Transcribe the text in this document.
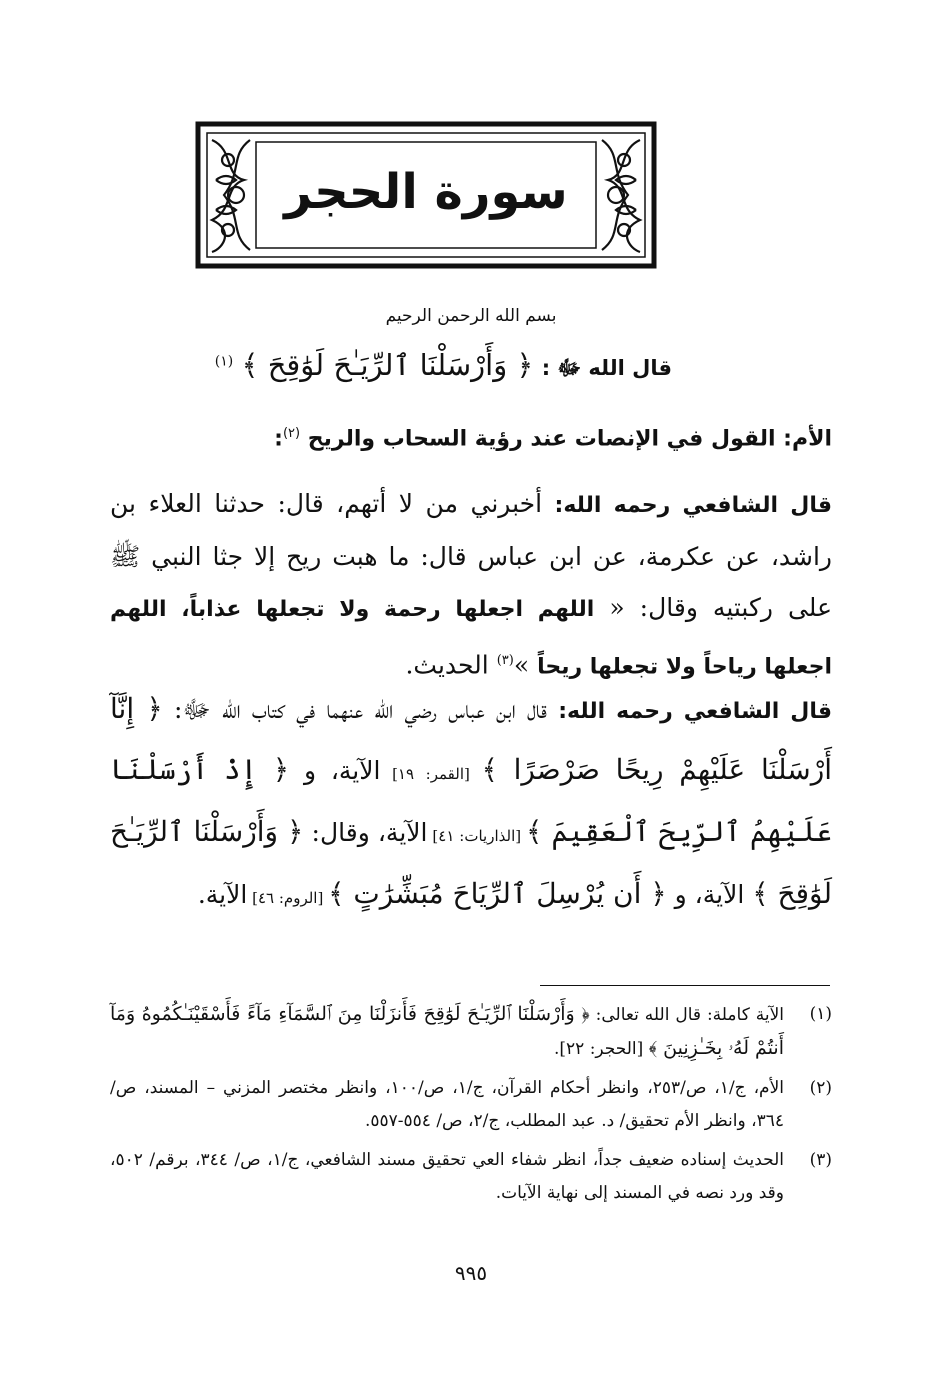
سورة الحجر
بسم الله الرحمن الرحيم
قال الله ﷻ : ﴿ وَأَرْسَلْنَا ٱلرِّيَـٰحَ لَوَٰقِحَ ﴾ $^{(١)}$
الأم: القول في الإنصات عند رؤية السحاب والريح $^{(٢)}$:
قال الشافعي رحمه الله: أخبرني من لا أتهم، قال: حدثنا العلاء بن راشد، عن عكرمة، عن ابن عباس قال: ما هبت ريح إلا جثا النبي ﷺ على ركبتيه وقال: « اللهم اجعلها رحمة ولا تجعلها عذاباً، اللهم اجعلها رياحاً ولا تجعلها ريحاً »$^{(٣)}$ الحديث.
قال الشافعي رحمه الله: قال ابن عباس رضي الله عنهما في كتاب الله ﷻ: ﴿ إِنَّآ أَرْسَلْنَا عَلَيْهِمْ رِيحًا صَرْصَرًا ﴾ [القمر: ١٩] الآية، و ﴿ إِذْ أَرْسَلْنَا عَلَيْهِمُ ٱلرِّيحَ ٱلْعَقِيمَ ﴾ [الذاريات: ٤١] الآية، وقال: ﴿ وَأَرْسَلْنَا ٱلرِّيَـٰحَ لَوَٰقِحَ ﴾ الآية، و ﴿ أَن يُرْسِلَ ٱلرِّيَاحَ مُبَشِّرَٰتٍ ﴾ [الروم: ٤٦] الآية.
(١)
الآية كاملة: قال الله تعالى: ﴿ وَأَرْسَلْنَا ٱلرِّيَـٰحَ لَوَٰقِحَ فَأَنزَلْنَا مِنَ ٱلسَّمَآءِ مَآءً فَأَسْقَيْنَـٰكُمُوهُ وَمَآ أَنتُمْ لَهُۥ بِخَـٰزِنِينَ ﴾ [الحجر: ٢٢].
(٢)
الأم، ج/١، ص/٢٥٣، وانظر أحكام القرآن، ج/١، ص/١٠٠، وانظر مختصر المزني – المسند، ص/٣٦٤، وانظر الأم تحقيق/ د. عبد المطلب، ج/٢، ص/ ٥٥٤-٥٥٧.
(٣)
الحديث إسناده ضعيف جداً، انظر شفاء العي تحقيق مسند الشافعي، ج/١، ص/ ٣٤٤، برقم/ ٥٠٢، وقد ورد نصه في المسند إلى نهاية الآيات.
٩٩٥
